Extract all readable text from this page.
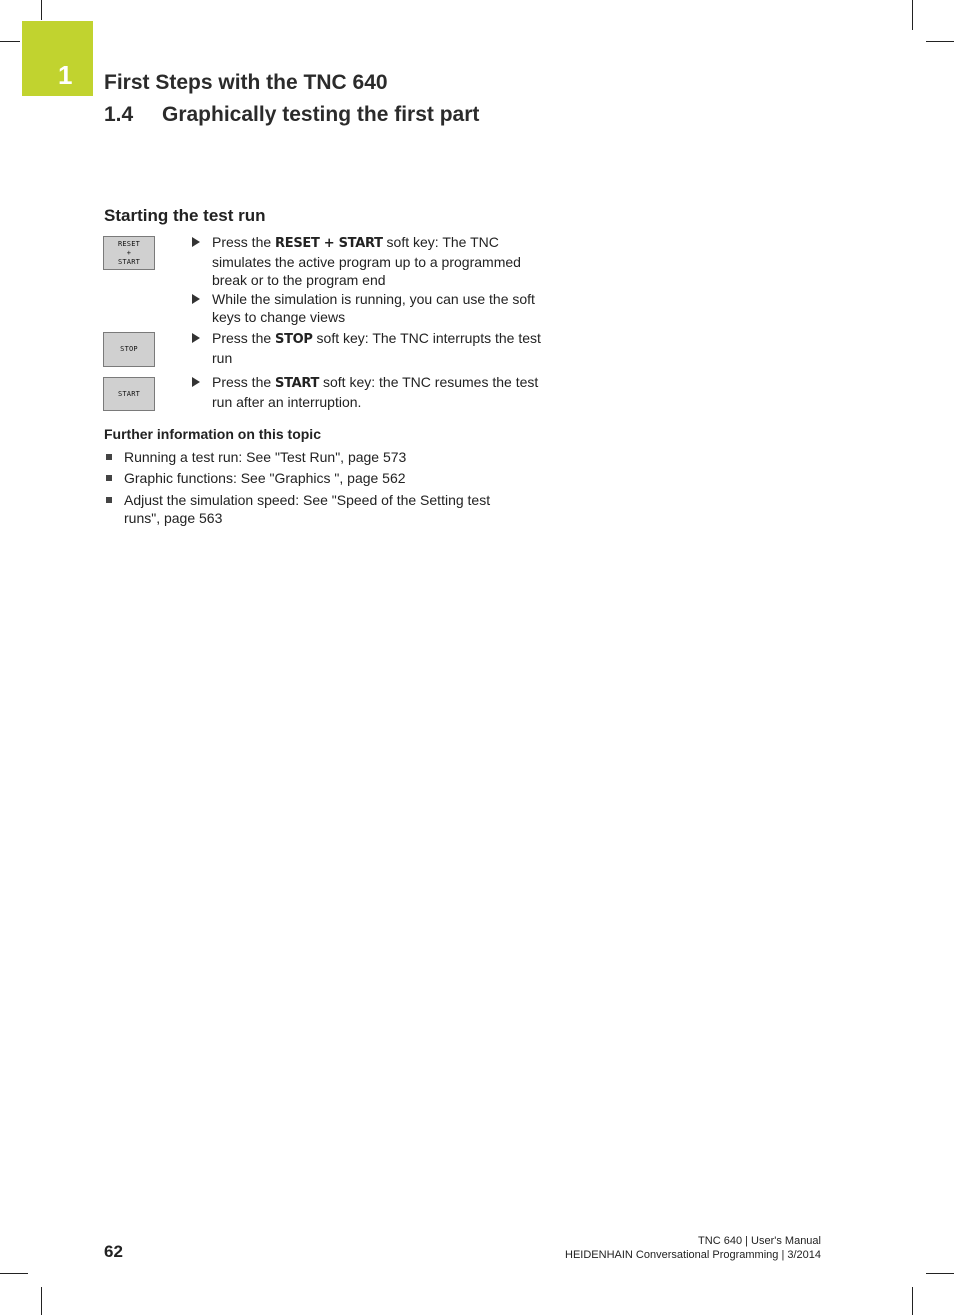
1 First Steps with the TNC 640
1.4 Graphically testing the first part
Starting the test run
RESET
+
START
STOP
START
Press the RESET + START soft key: The TNC simulates the active program up to a programmed break or to the program end
While the simulation is running, you can use the soft keys to change views
Press the STOP soft key: The TNC interrupts the test run
Press the START soft key: the TNC resumes the test run after an interruption.
Further information on this topic
Running a test run: See "Test Run", page 573
Graphic functions: See "Graphics ", page 562
Adjust the simulation speed: See "Speed of the Setting test runs", page 563
62
TNC 640 | User's Manual
HEIDENHAIN Conversational Programming | 3/2014
